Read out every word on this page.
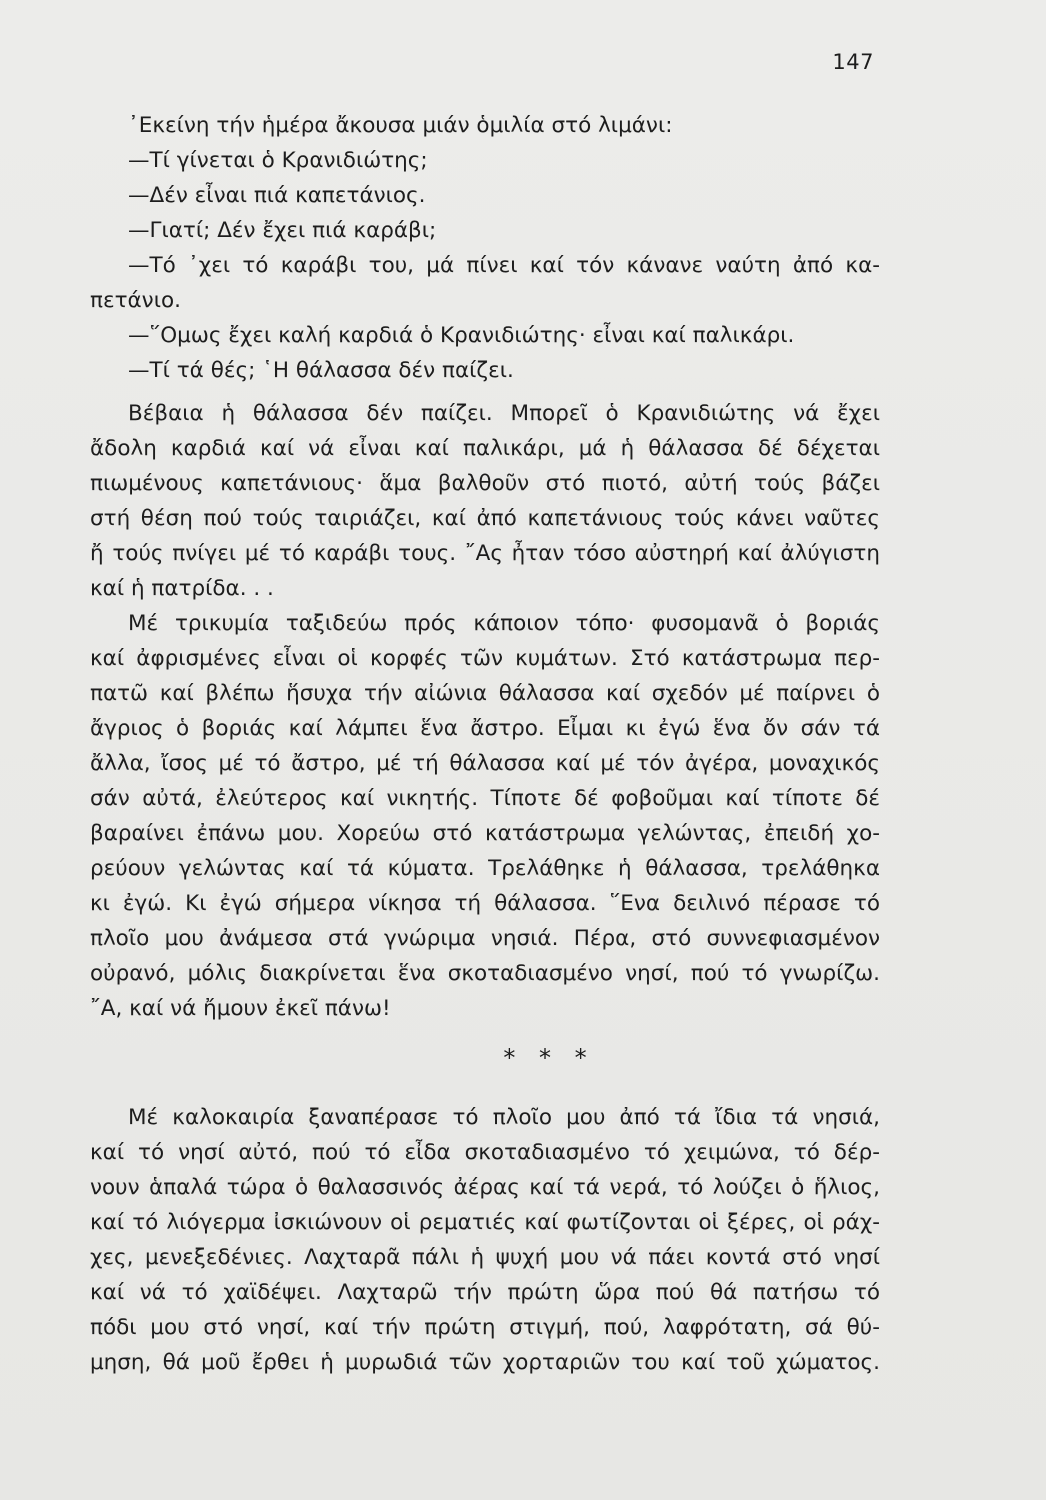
147
᾿Εκείνη τήν ἡμέρα ἄκουσα μιάν ὁμιλία στό λιμάνι:
—Τί γίνεται ὁ Κρανιδιώτης;
—Δέν εἶναι πιά καπετάνιος.
—Γιατί; Δέν ἔχει πιά καράβι;
—Τό ᾿χει τό καράβι του, μά πίνει καί τόν κάνανε ναύτη ἀπό κα-
πετάνιο.
—῞Ομως ἔχει καλή καρδιά ὁ Κρανιδιώτης· εἶναι καί παλικάρι.
—Τί τά θές; ῾Η θάλασσα δέν παίζει.
Βέβαια ἡ θάλασσα δέν παίζει. Μπορεῖ ὁ Κρανιδιώτης νά ἔχει
ἄδολη καρδιά καί νά εἶναι καί παλικάρι, μά ἡ θάλασσα δέ δέχεται
πιωμένους καπετάνιους· ἅμα βαλθοῦν στό πιοτό, αὐτή τούς βάζει
στή θέση πού τούς ταιριάζει, καί ἀπό καπετάνιους τούς κάνει ναῦτες
ἤ τούς πνίγει μέ τό καράβι τους. ῎Ας ἦταν τόσο αὐστηρή καί ἀλύγιστη
καί ἡ πατρίδα. . .
Μέ τρικυμία ταξιδεύω πρός κάποιον τόπο· φυσομανᾶ ὁ βοριάς
καί ἀφρισμένες εἶναι οἱ κορφές τῶν κυμάτων. Στό κατάστρωμα περ-
πατῶ καί βλέπω ἥσυχα τήν αἰώνια θάλασσα καί σχεδόν μέ παίρνει ὁ
ἄγριος ὁ βοριάς καί λάμπει ἕνα ἄστρο. Εἶμαι κι ἐγώ ἕνα ὄν σάν τά
ἄλλα, ἴσος μέ τό ἄστρο, μέ τή θάλασσα καί μέ τόν ἀγέρα, μοναχικός
σάν αὐτά, ἐλεύτερος καί νικητής. Τίποτε δέ φοβοῦμαι καί τίποτε δέ
βαραίνει ἐπάνω μου. Χορεύω στό κατάστρωμα γελώντας, ἐπειδή χο-
ρεύουν γελώντας καί τά κύματα. Τρελάθηκε ἡ θάλασσα, τρελάθηκα
κι ἐγώ. Κι ἐγώ σήμερα νίκησα τή θάλασσα. ῞Ενα δειλινό πέρασε τό
πλοῖο μου ἀνάμεσα στά γνώριμα νησιά. Πέρα, στό συννεφιασμένον
οὐρανό, μόλις διακρίνεται ἕνα σκοταδιασμένο νησί, πού τό γνωρίζω.
῎Α, καί νά ἤμουν ἐκεῖ πάνω!
* * *
Μέ καλοκαιρία ξαναπέρασε τό πλοῖο μου ἀπό τά ἴδια τά νησιά,
καί τό νησί αὐτό, πού τό εἶδα σκοταδιασμένο τό χειμώνα, τό δέρ-
νουν ἁπαλά τώρα ὁ θαλασσινός ἀέρας καί τά νερά, τό λούζει ὁ ἥλιος,
καί τό λιόγερμα ἰσκιώνουν οἱ ρεματιές καί φωτίζονται οἱ ξέρες, οἱ ράχ-
χες, μενεξεδένιες. Λαχταρᾶ πάλι ἡ ψυχή μου νά πάει κοντά στό νησί
καί νά τό χαϊδέψει. Λαχταρῶ τήν πρώτη ὥρα πού θά πατήσω τό
πόδι μου στό νησί, καί τήν πρώτη στιγμή, πού, λαφρότατη, σά θύ-
μηση, θά μοῦ ἔρθει ἡ μυρωδιά τῶν χορταριῶν του καί τοῦ χώματος.
